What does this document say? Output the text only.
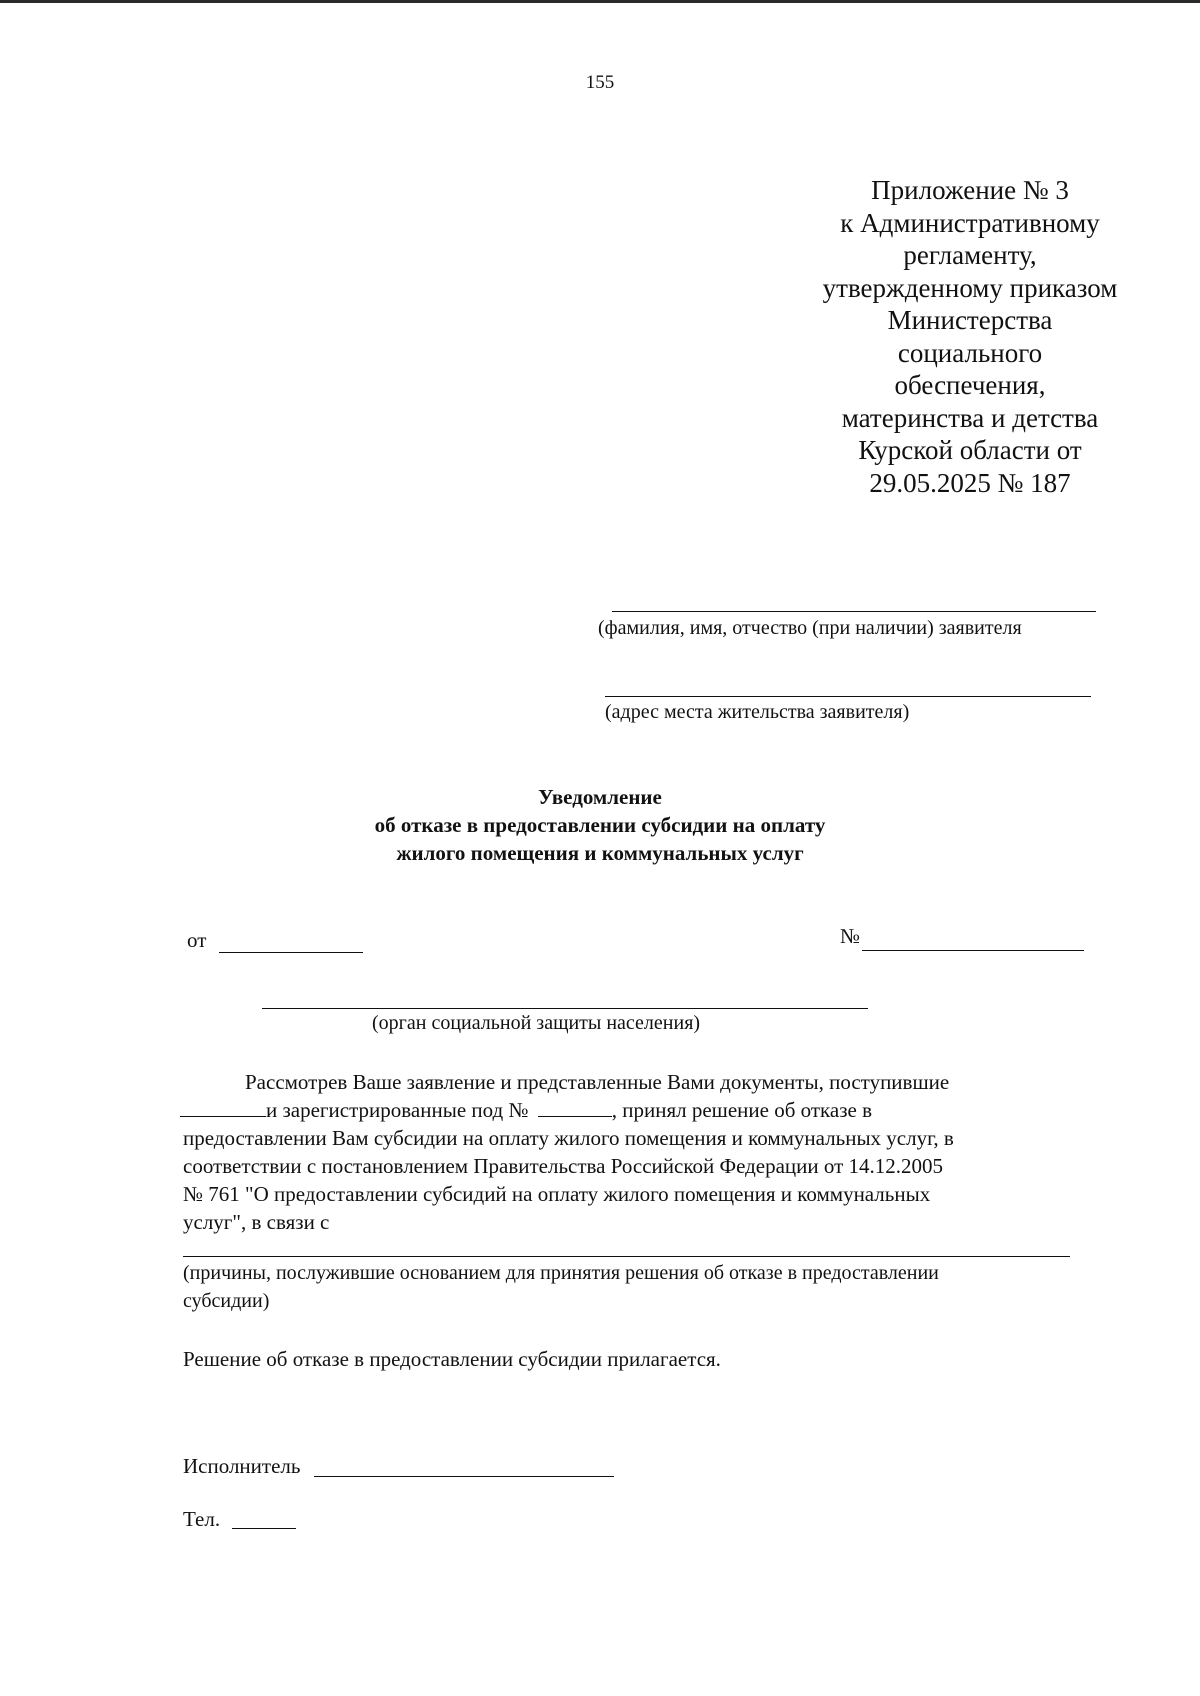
155
Приложение № 3
к Административному
регламенту,
утвержденному приказом
Министерства
социального
обеспечения,
материнства и детства
Курской области от
29.05.2025 № 187
(фамилия, имя, отчество (при наличии) заявителя
(адрес места жительства заявителя)
Уведомление
об отказе в предоставлении субсидии на оплату
жилого помещения и коммунальных услуг
от	№
(орган социальной защиты населения)
Рассмотрев Ваше заявление и представленные Вами документы, поступившие
и зарегистрированные под №	, принял решение об отказе в
предоставлении Вам субсидии на оплату жилого помещения и коммунальных услуг, в
соответствии с постановлением Правительства Российской Федерации от 14.12.2005
№ 761 "О предоставлении субсидий на оплату жилого помещения и коммунальных
услуг", в связи с
(причины, послужившие основанием для принятия решения об отказе в предоставлении
субсидии)
Решение об отказе в предоставлении субсидии прилагается.
Исполнитель
Тел.
